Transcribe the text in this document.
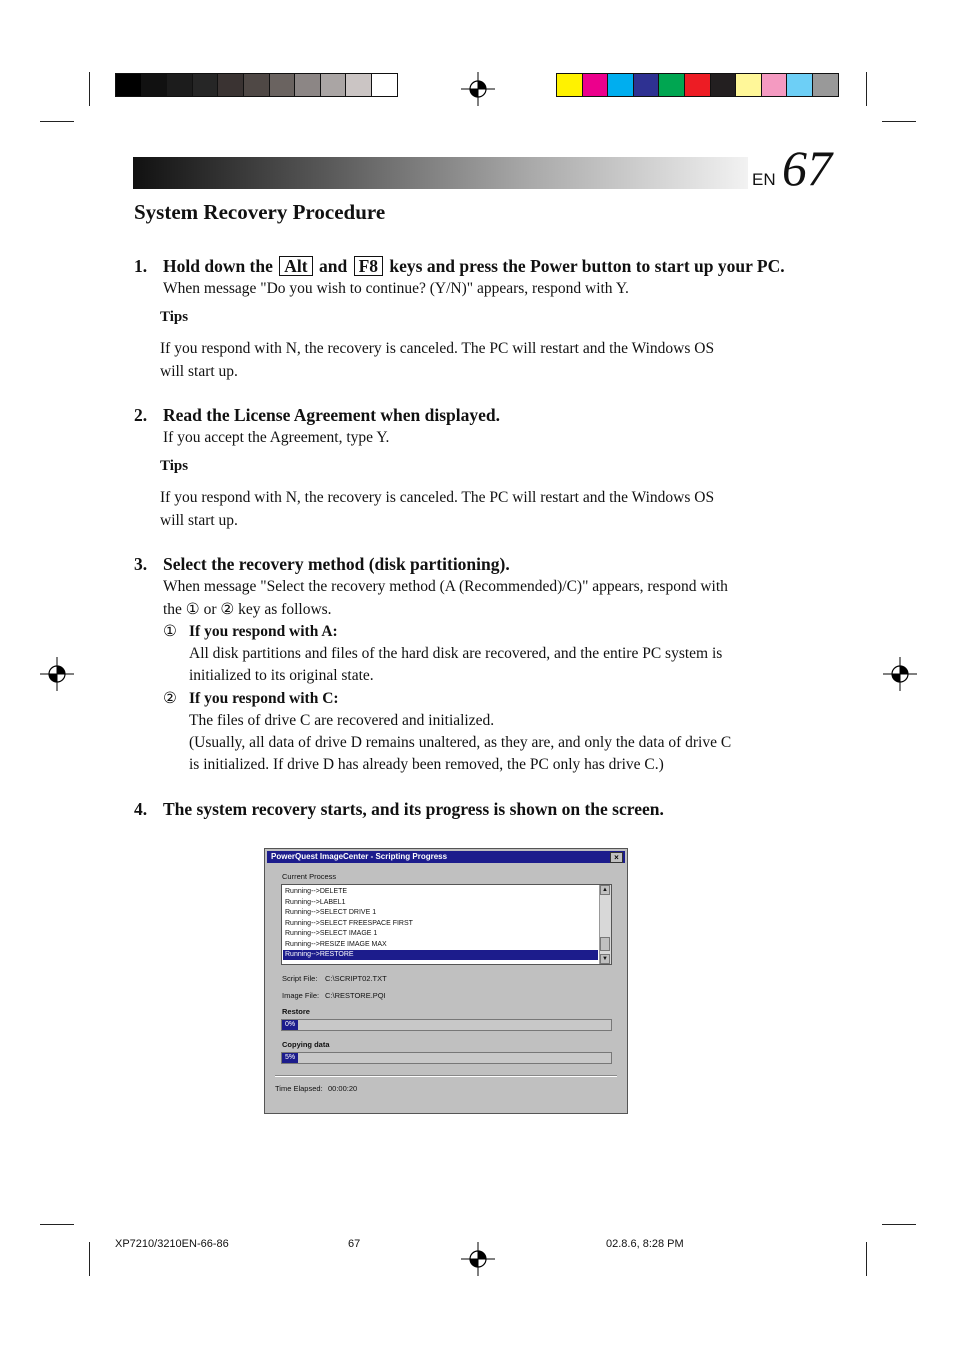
EN 67
System Recovery Procedure
1. Hold down the Alt and F8 keys and press the Power button to start up your PC.
When message "Do you wish to continue? (Y/N)" appears, respond with Y.
Tips
If you respond with N, the recovery is canceled. The PC will restart and the Windows OS
will start up.
2. Read the License Agreement when displayed.
If you accept the Agreement, type Y.
Tips
If you respond with N, the recovery is canceled. The PC will restart and the Windows OS
will start up.
3. Select the recovery method (disk partitioning).
When message "Select the recovery method (A (Recommended)/C)" appears, respond with
the ① or ② key as follows.
① If you respond with A:
All disk partitions and files of the hard disk are recovered, and the entire PC system is
initialized to its original state.
② If you respond with C:
The files of drive C are recovered and initialized.
(Usually, all data of drive D remains unaltered, as they are, and only the data of drive C
is initialized. If drive D has already been removed, the PC only has drive C.)
4. The system recovery starts, and its progress is shown on the screen.
PowerQuest ImageCenter - Scripting Progress	×
Current Process
Running-->DELETE
Running-->LABEL1
Running-->SELECT DRIVE 1
Running-->SELECT FREESPACE FIRST
Running-->SELECT IMAGE 1
Running-->RESIZE IMAGE MAX
Running-->RESTORE
▲
▼
Script File: C:\SCRIPT02.TXT
Image File: C:\RESTORE.PQI
Restore
0%
Copying data
5%
Time Elapsed: 00:00:20
XP7210/3210EN-66-86	67	02.8.6, 8:28 PM
